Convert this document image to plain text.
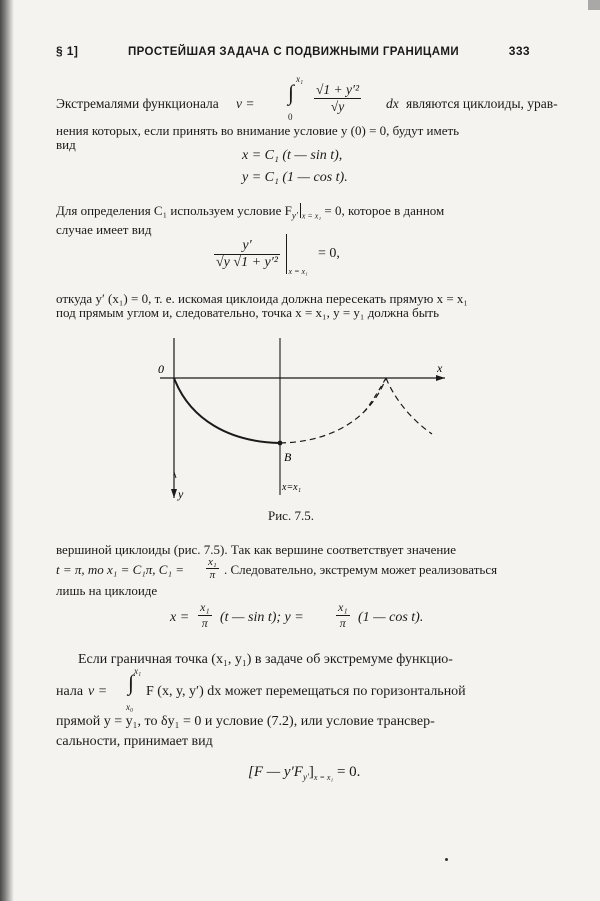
§ 1]	ПРОСТЕЙШАЯ ЗАДАЧА С ПОДВИЖНЫМИ ГРАНИЦАМИ	333
Экстремалями функционала v = ∫
x₁
0
$\frac{\text{√1 + y′²}}{√y}$ dx являются циклоиды, урав-
нения которых, если принять во внимание условие y (0) = 0, будут иметь
вид
x = C₁ (t — sin t),
y = C₁ (1 — cos t).
Для определения C₁ используем условие $F_{y'}$ $_{x = x_1}$ = 0, которое в данном
случае имеет вид
$\frac{y'}{\text{√y √1 + y′²}}$

x = x₁
= 0,
откуда y′ (x₁) = 0, т. е. искомая циклоида должна пересекать прямую x = x₁
под прямым углом и, следовательно, точка x = x₁, y = y₁ должна быть
0	x
y
B
x=x₁
Рис. 7.5.
вершиной циклоиды (рис. 7.5). Так как вершине соответствует значение
t = π, то x₁ = C₁π, $C_1 = \frac{\text{x₁}}{\pi}$ . Следовательно, экстремум может реализоваться
лишь на циклоиде
$x = \frac{\text{x₁}}{\pi} (t$ — sin t); y =	$\frac{\text{x₁}}{\pi} (1$ — cos t).
Если граничная точка (x₁, y₁) в задаче об экстремуме функцио-
нала v = ∫ x₁
x₀
F (x, y, y′) dx может перемещаться по горизонтальной
прямой y = y₁, то δy₁ = 0 и условие (7.2), или условие трансвер-
сальности, принимает вид
[F — $y'F_{y'}]_{x = x_1} = 0$.
